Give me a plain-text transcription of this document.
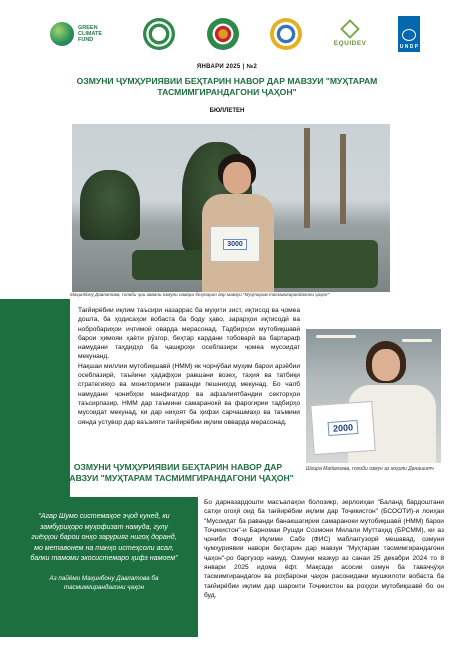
GREEN CLIMATE FUND	EQUIDEV
U N D P
ЯНВАРИ 2025 | №2
ОЗМУНИ ҶУМҲУРИЯВИИ БЕҲТАРИН НАВОР ДАР МАВЗУИ "МУҲТАРАМ ТАСМИМГИРАНДАГОНИ ҶАҲОН"
БЮЛЛЕТЕН
3000
Маҳинбону Давлатова, ғолиби ҷои аввали озмуни навори беҳтарин дар мавзуи "Муҳтарам тасмимгирандагони ҷаҳон"
Тағйирёбии иқлим таъсири назаррас ба муҳити зист, иқтисод ва ҷомеа дошта, ба ҳодисаҳои вобаста ба боду ҳаво, зарарҳои иқтисодӣ ва нобробариҳои иҷтимоӣ оварда мерасонад. Тадбирҳои мутобиқшавӣ барои ҳимояи ҳаёти рӯзгор, беҳтар кардани тобоварӣ ва бартараф намудани таҳдидҳо ба ҷашқроҳи осебпазири ҷомеа мусоидат мекунанд.
Нақшаи миллии мутобиқшавӣ (НММ) як чорчӯбаи муҳим барои арзёбии осебпазирӣ, таъйини ҳадафҳои равшани возеҳ, таҳия ва татбиқи стратегияҳо ва мониторинги раванди пешниҳод мекунад. Бо чалб намудани ҷонибҳои манфиатдор ва афзалиятбандии секторҳои таъсирпазир, НММ дар таъмини самаранокӣ ва фарогирии тадбирҳо мусоидат мекунад, ки дар ниҳоят ба ҳифзи сарчашмаҳо ва таъмини оянда устувор дар ваъзияти тағйирёбии иқлим овварда мерасонад.
2000
Шоира Мадалиева, ғолиби озмун аз ноҳияи Данашитч
ОЗМУНИ ҶУМҲУРИЯВИИ БЕҲТАРИН НАВОР ДАР МАВЗУИ "МУҲТАРАМ ТАСМИМГИРАНДАГОНИ ҶАҲОН"
"Агар Шумо системаҳое эҷод кунед, ки замбуриҳоро муҳофизат намуда, гулу гиёҳҳои барои онҳо зарурияг нигоҳ доранд, мо метавонем на танҳо истеҳсоли асал, балки тамоми экосистемаро ҳифз намоем"
Аз пайёми Маҳинбону Давлатова ба тасмимгирандагони ҷаҳон
Бо дарназардошти масъалаҳои болозикр, зерлоиҳаи "Баланд бардоштани сатҳи огоҳӣ оид ба тағйирёбии иқлим дар Тоҷикистон" (БСООТИ)-и лоиҳаи "Мусоидат ба раванди банакшагирии самараноки мутобиқшавӣ (НММ) барои Тоҷикистон"-и Барномаи Рушди Созмони Милали Муттаҳид (БРСММ), ки аз ҷониби Фонди Иқлими Сабз (ФИС) маблағгузорӣ мешавад, озмуни ҷумҳуриявии навори беҳтарин дар мавзуи "Муҳтарам тасмимгирандагони ҷаҳон"-ро баргузор намуд. Озмуни мазкур аз санаи 25 декабри 2024 то 8 январи 2025 идома ёфт. Мақсади асосии озмун ба таваҷҷӯҳи тасмимгирандагон ва роҳбарони ҷаҳон расонидани мушкилоти вобаста ба тағйирёбии иқлим дар шароити Тоҷикистон ва роҳҳои мутобиқшавӣ бо он буд.
